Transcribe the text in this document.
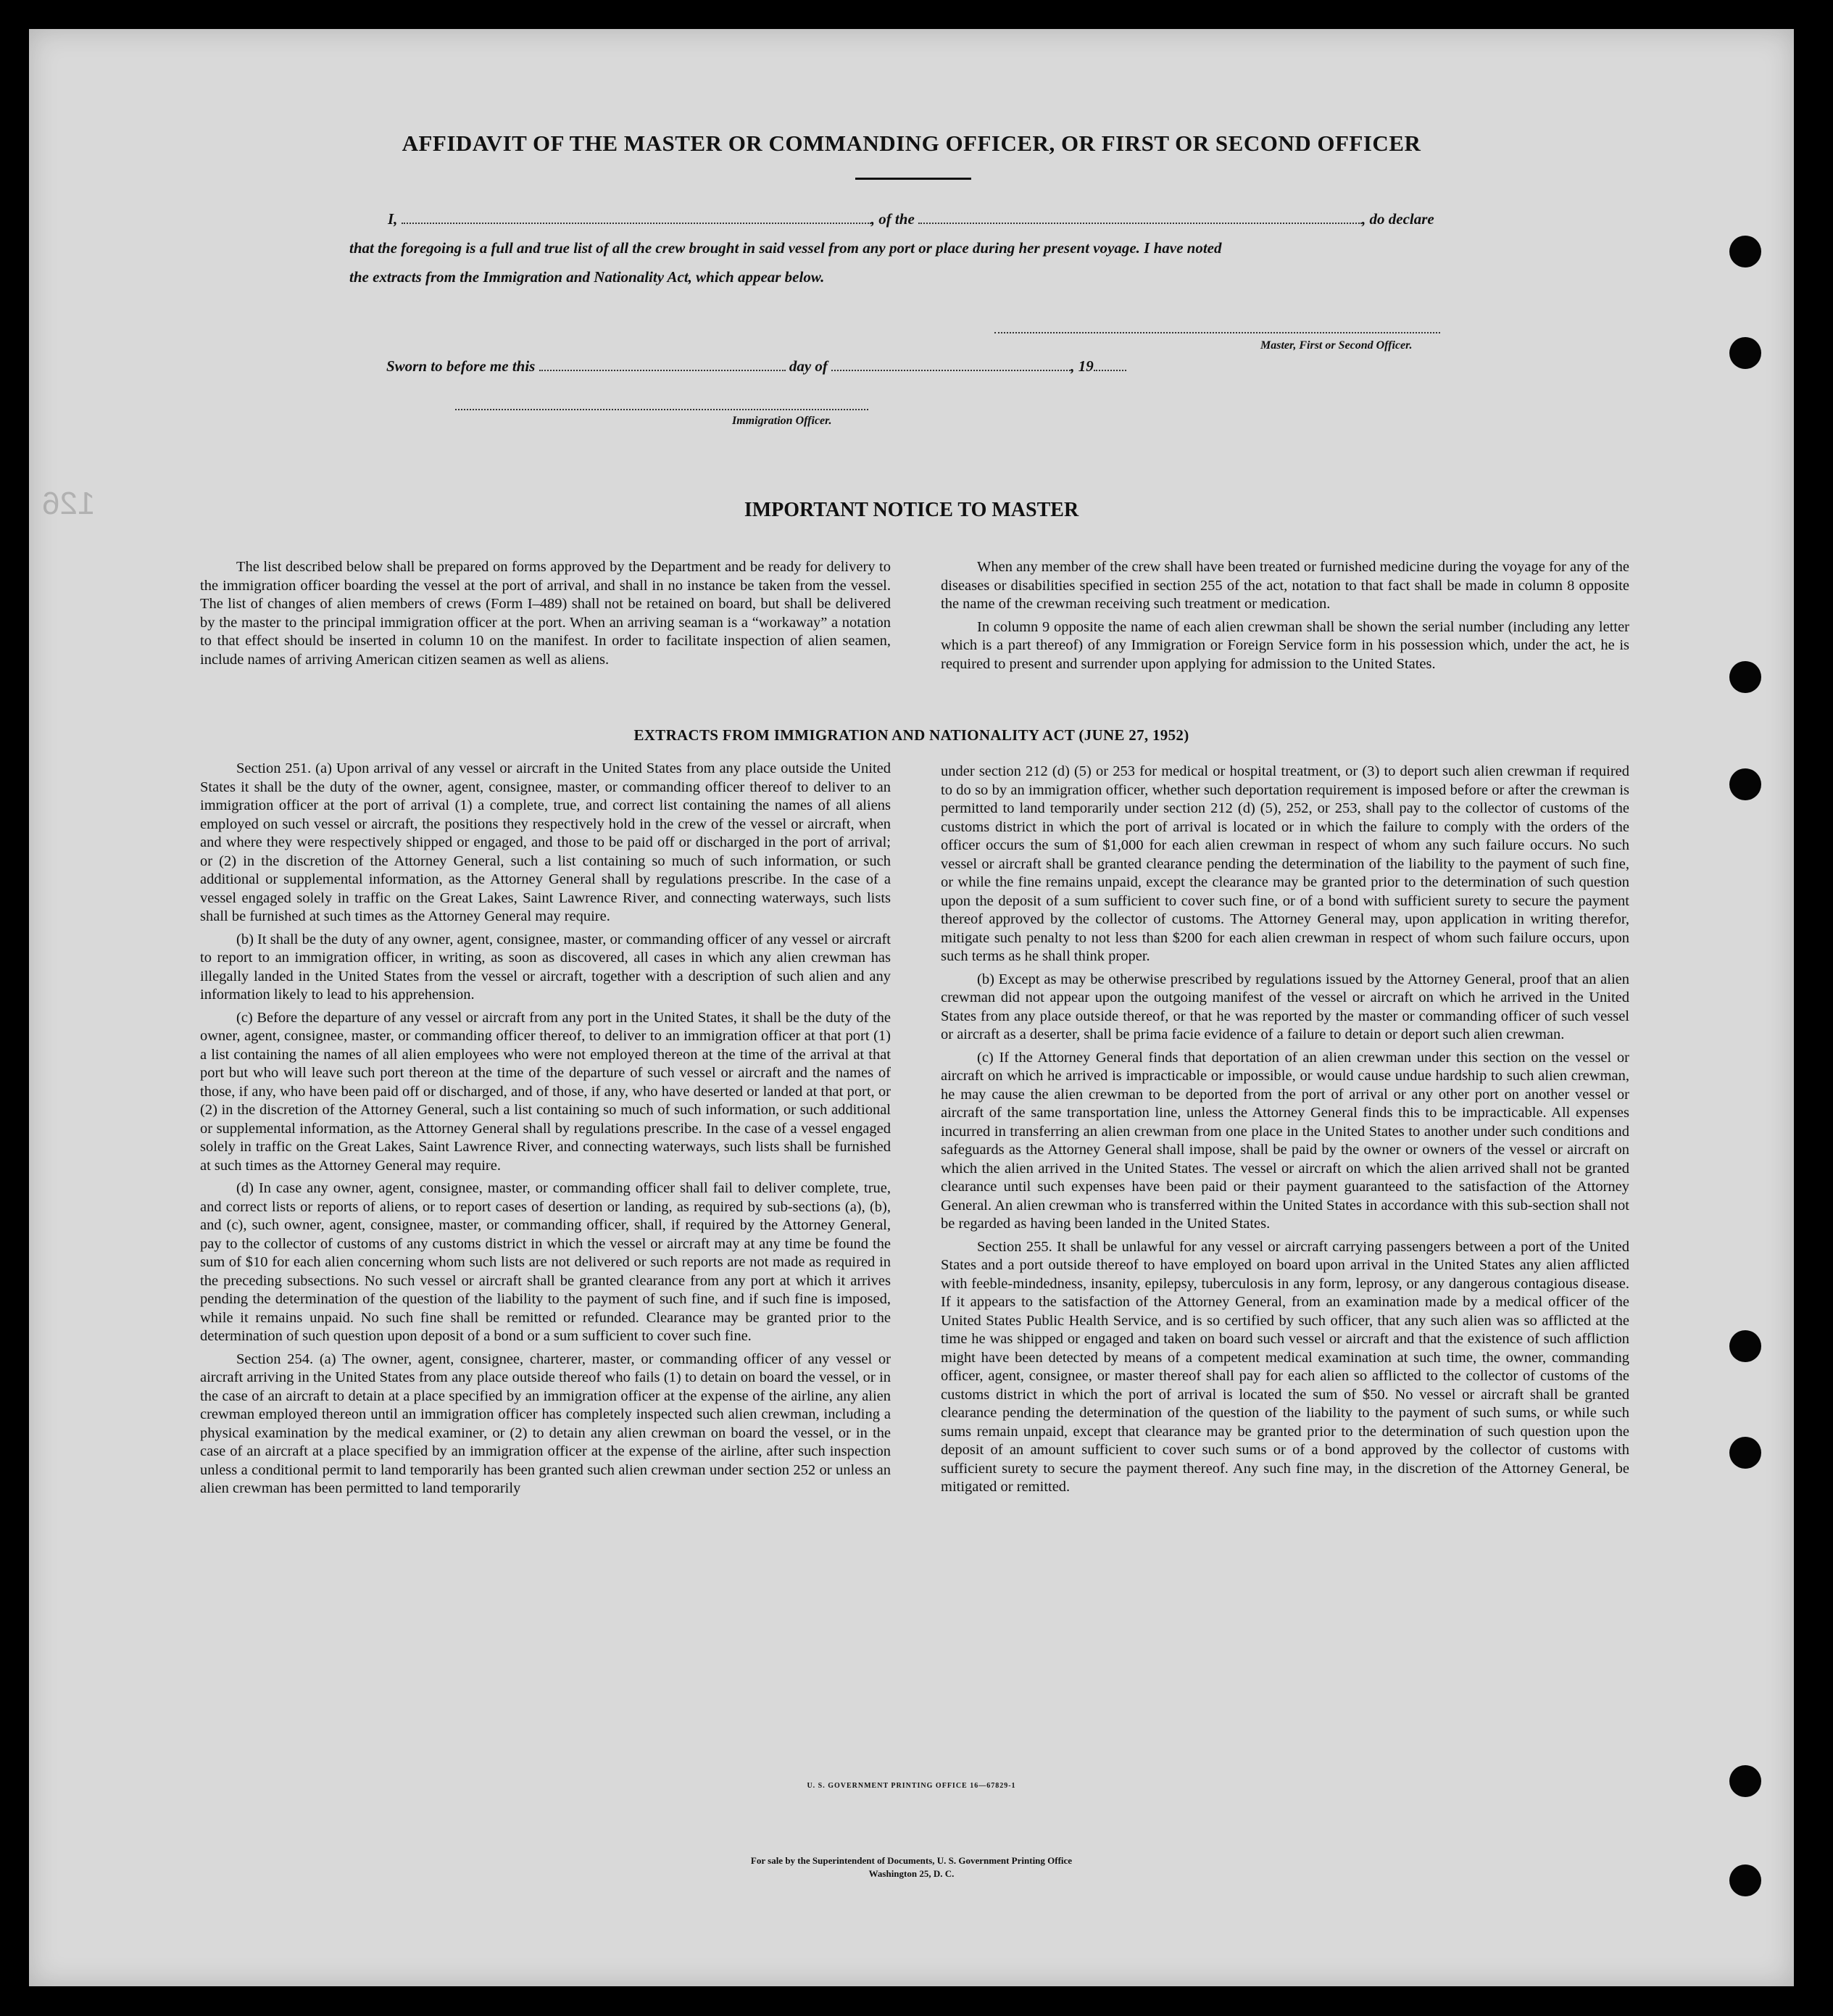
126
AFFIDAVIT OF THE MASTER OR COMMANDING OFFICER, OR FIRST OR SECOND OFFICER
I,	, of the	, do declare
that the foregoing is a full and true list of all the crew brought in said vessel from any port or place during her present voyage. I have noted
the extracts from the Immigration and Nationality Act, which appear below.
Master, First or Second Officer.
Sworn to before me this	day of	, 19
Immigration Officer.
IMPORTANT NOTICE TO MASTER

The list described below shall be prepared on forms approved by the Department and be ready for delivery to the immigration officer boarding the vessel at the port of arrival, and shall in no instance be taken from the vessel. The list of changes of alien members of crews (Form I–489) shall not be retained on board, but shall be delivered by the master to the principal immigration officer at the port. When an arriving seaman is a “workaway” a notation to that effect should be inserted in column 10 on the manifest. In order to facilitate inspection of alien seamen, include names of arriving American citizen seamen as well as aliens.

When any member of the crew shall have been treated or furnished medicine during the voyage for any of the diseases or disabilities specified in section 255 of the act, notation to that fact shall be made in column 8 opposite the name of the crewman receiving such treatment or medication.

In column 9 opposite the name of each alien crewman shall be shown the serial number (including any letter which is a part thereof) of any Immigration or Foreign Service form in his possession which, under the act, he is required to present and surrender upon applying for admission to the United States.

EXTRACTS FROM IMMIGRATION AND NATIONALITY ACT (JUNE 27, 1952)

Section 251. (a) Upon arrival of any vessel or aircraft in the United States from any place outside the United States it shall be the duty of the owner, agent, consignee, master, or commanding officer thereof to deliver to an immigration officer at the port of arrival (1) a complete, true, and correct list containing the names of all aliens employed on such vessel or aircraft, the positions they respectively hold in the crew of the vessel or aircraft, when and where they were respectively shipped or engaged, and those to be paid off or discharged in the port of arrival; or (2) in the discretion of the Attorney General, such a list containing so much of such information, or such additional or supplemental information, as the Attorney General shall by regulations prescribe. In the case of a vessel engaged solely in traffic on the Great Lakes, Saint Lawrence River, and connecting waterways, such lists shall be furnished at such times as the Attorney General may require.

(b) It shall be the duty of any owner, agent, consignee, master, or commanding officer of any vessel or aircraft to report to an immigration officer, in writing, as soon as discovered, all cases in which any alien crewman has illegally landed in the United States from the vessel or aircraft, together with a description of such alien and any information likely to lead to his apprehension.

(c) Before the departure of any vessel or aircraft from any port in the United States, it shall be the duty of the owner, agent, consignee, master, or commanding officer thereof, to deliver to an immigration officer at that port (1) a list containing the names of all alien employees who were not employed thereon at the time of the arrival at that port but who will leave such port thereon at the time of the departure of such vessel or aircraft and the names of those, if any, who have been paid off or discharged, and of those, if any, who have deserted or landed at that port, or (2) in the discretion of the Attorney General, such a list containing so much of such information, or such additional or supplemental information, as the Attorney General shall by regulations prescribe. In the case of a vessel engaged solely in traffic on the Great Lakes, Saint Lawrence River, and connecting waterways, such lists shall be furnished at such times as the Attorney General may require.

(d) In case any owner, agent, consignee, master, or commanding officer shall fail to deliver complete, true, and correct lists or reports of aliens, or to report cases of desertion or landing, as required by sub-sections (a), (b), and (c), such owner, agent, consignee, master, or commanding officer, shall, if required by the Attorney General, pay to the collector of customs of any customs district in which the vessel or aircraft may at any time be found the sum of $10 for each alien concerning whom such lists are not delivered or such reports are not made as required in the preceding subsections. No such vessel or aircraft shall be granted clearance from any port at which it arrives pending the determination of the question of the liability to the payment of such fine, and if such fine is imposed, while it remains unpaid. No such fine shall be remitted or refunded. Clearance may be granted prior to the determination of such question upon deposit of a bond or a sum sufficient to cover such fine.

Section 254. (a) The owner, agent, consignee, charterer, master, or commanding officer of any vessel or aircraft arriving in the United States from any place outside thereof who fails (1) to detain on board the vessel, or in the case of an aircraft to detain at a place specified by an immigration officer at the expense of the airline, any alien crewman employed thereon until an immigration officer has completely inspected such alien crewman, including a physical examination by the medical examiner, or (2) to detain any alien crewman on board the vessel, or in the case of an aircraft at a place specified by an immigration officer at the expense of the airline, after such inspection unless a conditional permit to land temporarily has been granted such alien crewman under section 252 or unless an alien crewman has been permitted to land temporarily

under section 212 (d) (5) or 253 for medical or hospital treatment, or (3) to deport such alien crewman if required to do so by an immigration officer, whether such deportation requirement is imposed before or after the crewman is permitted to land temporarily under section 212 (d) (5), 252, or 253, shall pay to the collector of customs of the customs district in which the port of arrival is located or in which the failure to comply with the orders of the officer occurs the sum of $1,000 for each alien crewman in respect of whom any such failure occurs. No such vessel or aircraft shall be granted clearance pending the determination of the liability to the payment of such fine, or while the fine remains unpaid, except the clearance may be granted prior to the determination of such question upon the deposit of a sum sufficient to cover such fine, or of a bond with sufficient surety to secure the payment thereof approved by the collector of customs. The Attorney General may, upon application in writing therefor, mitigate such penalty to not less than $200 for each alien crewman in respect of whom such failure occurs, upon such terms as he shall think proper.

(b) Except as may be otherwise prescribed by regulations issued by the Attorney General, proof that an alien crewman did not appear upon the outgoing manifest of the vessel or aircraft on which he arrived in the United States from any place outside thereof, or that he was reported by the master or commanding officer of such vessel or aircraft as a deserter, shall be prima facie evidence of a failure to detain or deport such alien crewman.

(c) If the Attorney General finds that deportation of an alien crewman under this section on the vessel or aircraft on which he arrived is impracticable or impossible, or would cause undue hardship to such alien crewman, he may cause the alien crewman to be deported from the port of arrival or any other port on another vessel or aircraft of the same transportation line, unless the Attorney General finds this to be impracticable. All expenses incurred in transferring an alien crewman from one place in the United States to another under such conditions and safeguards as the Attorney General shall impose, shall be paid by the owner or owners of the vessel or aircraft on which the alien arrived in the United States. The vessel or aircraft on which the alien arrived shall not be granted clearance until such expenses have been paid or their payment guaranteed to the satisfaction of the Attorney General. An alien crewman who is transferred within the United States in accordance with this sub-section shall not be regarded as having been landed in the United States.

Section 255. It shall be unlawful for any vessel or aircraft carrying passengers between a port of the United States and a port outside thereof to have employed on board upon arrival in the United States any alien afflicted with feeble-mindedness, insanity, epilepsy, tuberculosis in any form, leprosy, or any dangerous contagious disease. If it appears to the satisfaction of the Attorney General, from an examination made by a medical officer of the United States Public Health Service, and is so certified by such officer, that any such alien was so afflicted at the time he was shipped or engaged and taken on board such vessel or aircraft and that the existence of such affliction might have been detected by means of a competent medical examination at such time, the owner, commanding officer, agent, consignee, or master thereof shall pay for each alien so afflicted to the collector of customs of the customs district in which the port of arrival is located the sum of $50. No vessel or aircraft shall be granted clearance pending the determination of the question of the liability to the payment of such sums, or while such sums remain unpaid, except that clearance may be granted prior to the determination of such question upon the deposit of an amount sufficient to cover such sums or of a bond approved by the collector of customs with sufficient surety to secure the payment thereof. Any such fine may, in the discretion of the Attorney General, be mitigated or remitted.

U. S. GOVERNMENT PRINTING OFFICE 16—67829-1
For sale by the Superintendent of Documents, U. S. Government Printing Office
Washington 25, D. C.
